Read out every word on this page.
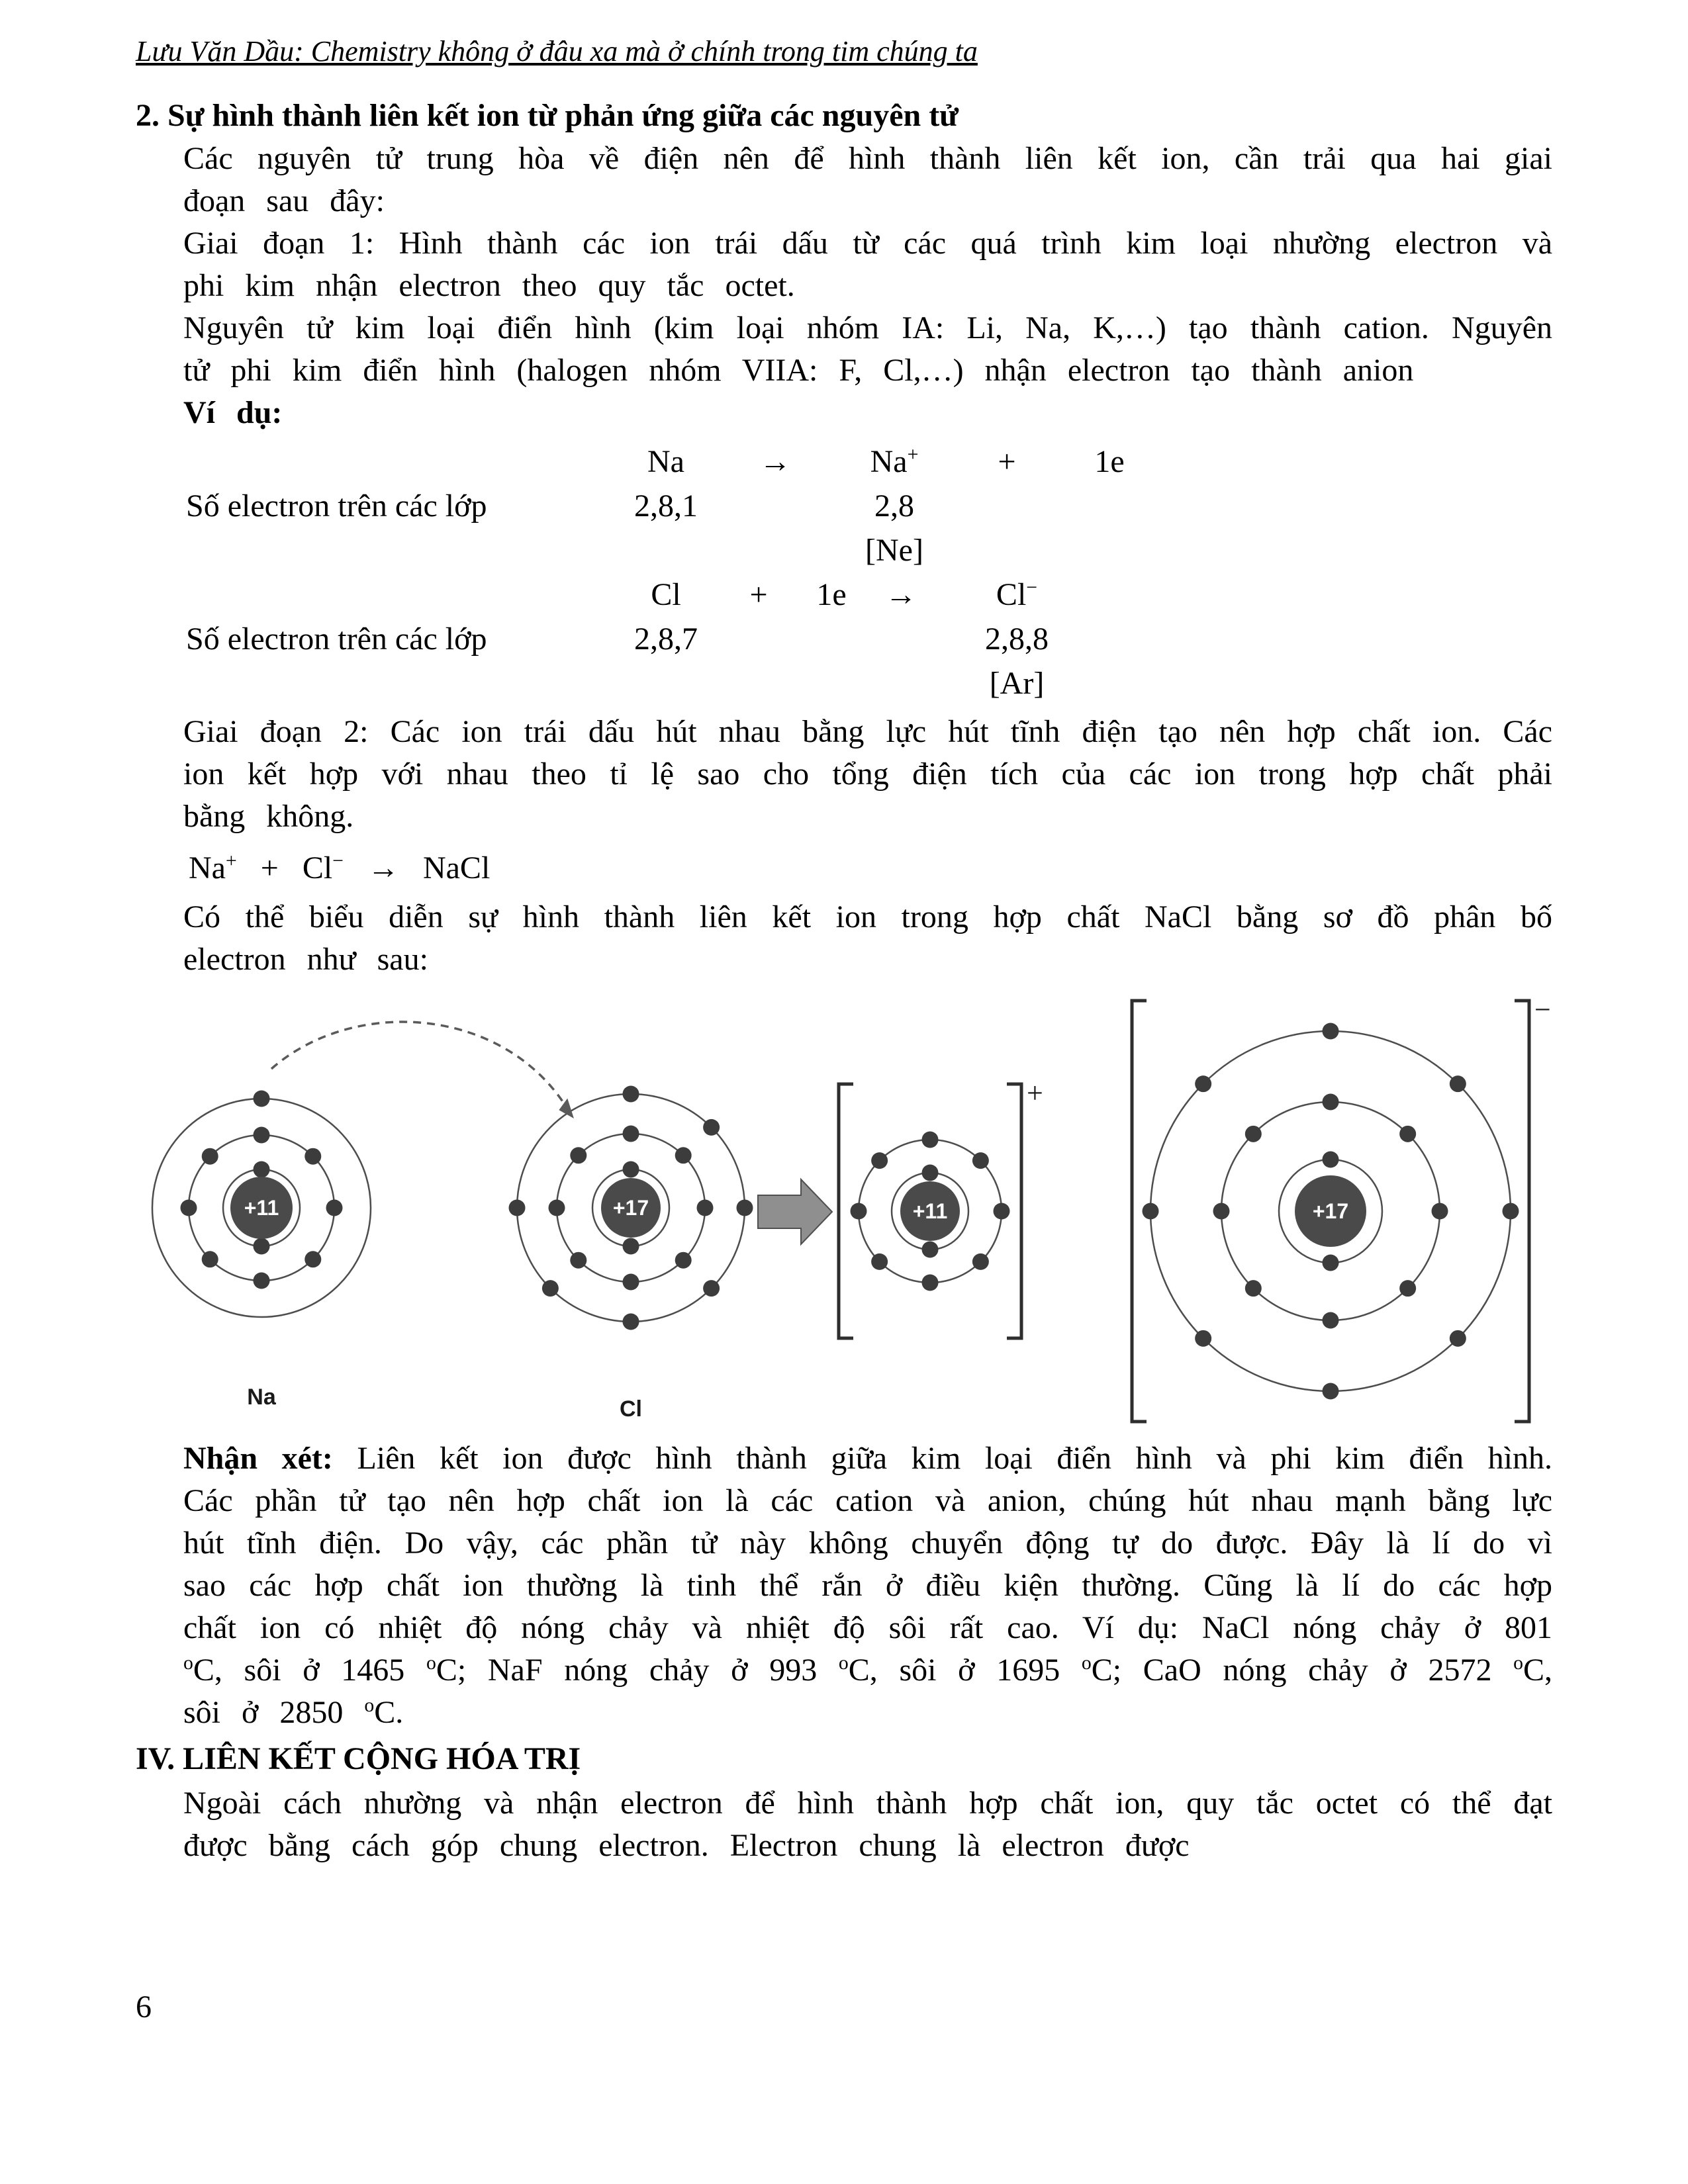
Lưu Văn Dầu: Chemistry không ở đâu xa mà ở chính trong tim chúng ta
2. Sự hình thành liên kết ion từ phản ứng giữa các nguyên tử

Các nguyên tử trung hòa về điện nên để hình thành liên kết ion, cần trải qua hai giai đoạn sau đây:

Giai đoạn 1: Hình thành các ion trái dấu từ các quá trình kim loại nhường electron và phi kim nhận electron theo quy tắc octet.

Nguyên tử kim loại điển hình (kim loại nhóm IA: Li, Na, K,…) tạo thành cation. Nguyên tử phi kim điển hình (halogen nhóm VIIA: F, Cl,…) nhận electron tạo thành anion

Ví dụ:

Na	→	Na+	+	1e
Số electron trên các lớp	2,8,1	2,8
[Ne]
Cl	+	1e	→	Cl−
Số electron trên các lớp	2,8,7	2,8,8
[Ar]

Giai đoạn 2: Các ion trái dấu hút nhau bằng lực hút tĩnh điện tạo nên hợp chất ion. Các ion kết hợp với nhau theo tỉ lệ sao cho tổng điện tích của các ion trong hợp chất phải bằng không.

Na+   +   Cl−   →   NaCl

Có thể biểu diễn sự hình thành liên kết ion trong hợp chất NaCl bằng sơ đồ phân bố electron như sau:

+11
Na
+17
Cl
+11
+
+17
−

Nhận xét: Liên kết ion được hình thành giữa kim loại điển hình và phi kim điển hình. Các phần tử tạo nên hợp chất ion là các cation và anion, chúng hút nhau mạnh bằng lực hút tĩnh điện. Do vậy, các phần tử này không chuyển động tự do được. Đây là lí do vì sao các hợp chất ion thường là tinh thể rắn ở điều kiện thường. Cũng là lí do các hợp chất ion có nhiệt độ nóng chảy và nhiệt độ sôi rất cao. Ví dụ: NaCl nóng chảy ở 801 $^o$C, sôi ở 1465 $^o$C; NaF nóng chảy ở 993 $^o$C, sôi ở 1695 $^o$C; CaO nóng chảy ở 2572 $^o$C, sôi ở 2850 $^o$C.

IV. LIÊN KẾT CỘNG HÓA TRỊ

Ngoài cách nhường và nhận electron để hình thành hợp chất ion, quy tắc octet có thể đạt được bằng cách góp chung electron. Electron chung là electron được

6
